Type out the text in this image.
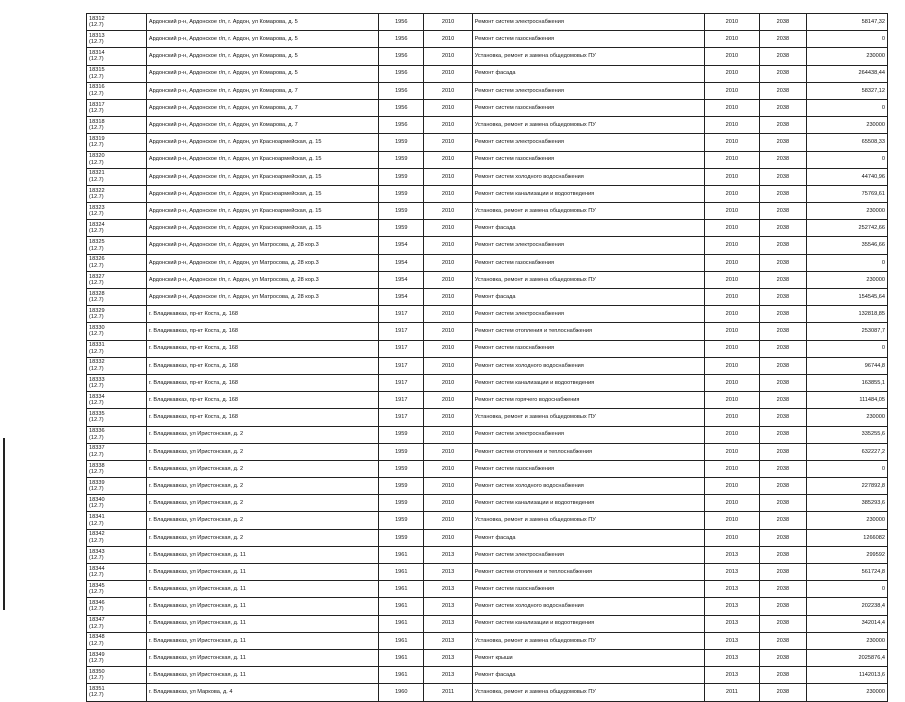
18312
(12.7)	Ардонский р-н, Ардонское г/п, г. Ардон, ул Комарова, д. 5	1956	2010	Ремонт систем электроснабжения	2010	2038	58147,32
18313
(12.7)	Ардонский р-н, Ардонское г/п, г. Ардон, ул Комарова, д. 5	1956	2010	Ремонт систем газоснабжения	2010	2038	0
18314
(12.7)	Ардонский р-н, Ардонское г/п, г. Ардон, ул Комарова, д. 5	1956	2010	Установка, ремонт и замена общедомовых ПУ	2010	2038	230000
18315
(12.7)	Ардонский р-н, Ардонское г/п, г. Ардон, ул Комарова, д. 5	1956	2010	Ремонт фасада	2010	2038	264438,44
18316
(12.7)	Ардонский р-н, Ардонское г/п, г. Ардон, ул Комарова, д. 7	1956	2010	Ремонт систем электроснабжения	2010	2038	58327,12
18317
(12.7)	Ардонский р-н, Ардонское г/п, г. Ардон, ул Комарова, д. 7	1956	2010	Ремонт систем газоснабжения	2010	2038	0
18318
(12.7)	Ардонский р-н, Ардонское г/п, г. Ардон, ул Комарова, д. 7	1956	2010	Установка, ремонт и замена общедомовых ПУ	2010	2038	230000
18319
(12.7)	Ардонский р-н, Ардонское г/п, г. Ардон, ул Красноармейская, д. 15	1959	2010	Ремонт систем электроснабжения	2010	2038	65508,33
18320
(12.7)	Ардонский р-н, Ардонское г/п, г. Ардон, ул Красноармейская, д. 15	1959	2010	Ремонт систем газоснабжения	2010	2038	0
18321
(12.7)	Ардонский р-н, Ардонское г/п, г. Ардон, ул Красноармейская, д. 15	1959	2010	Ремонт систем холодного водоснабжения	2010	2038	44740,96
18322
(12.7)	Ардонский р-н, Ардонское г/п, г. Ардон, ул Красноармейская, д. 15	1959	2010	Ремонт систем канализации и водоотведения	2010	2038	75769,61
18323
(12.7)	Ардонский р-н, Ардонское г/п, г. Ардон, ул Красноармейская, д. 15	1959	2010	Установка, ремонт и замена общедомовых ПУ	2010	2038	230000
18324
(12.7)	Ардонский р-н, Ардонское г/п, г. Ардон, ул Красноармейская, д. 15	1959	2010	Ремонт фасада	2010	2038	252742,66
18325
(12.7)	Ардонский р-н, Ардонское г/п, г. Ардон, ул Матросова, д. 28 кор.3	1954	2010	Ремонт систем электроснабжения	2010	2038	35546,66
18326
(12.7)	Ардонский р-н, Ардонское г/п, г. Ардон, ул Матросова, д. 28 кор.3	1954	2010	Ремонт систем газоснабжения	2010	2038	0
18327
(12.7)	Ардонский р-н, Ардонское г/п, г. Ардон, ул Матросова, д. 28 кор.3	1954	2010	Установка, ремонт и замена общедомовых ПУ	2010	2038	230000
18328
(12.7)	Ардонский р-н, Ардонское г/п, г. Ардон, ул Матросова, д. 28 кор.3	1954	2010	Ремонт фасада	2010	2038	154545,64
18329
(12.7)	г. Владикавказ, пр-кт Коста, д. 168	1917	2010	Ремонт систем электроснабжения	2010	2038	132818,85
18330
(12.7)	г. Владикавказ, пр-кт Коста, д. 168	1917	2010	Ремонт систем отопления и теплоснабжения	2010	2038	253087,7
18331
(12.7)	г. Владикавказ, пр-кт Коста, д. 168	1917	2010	Ремонт систем газоснабжения	2010	2038	0
18332
(12.7)	г. Владикавказ, пр-кт Коста, д. 168	1917	2010	Ремонт систем холодного водоснабжения	2010	2038	96744,8
18333
(12.7)	г. Владикавказ, пр-кт Коста, д. 168	1917	2010	Ремонт систем канализации и водоотведения	2010	2038	163855,1
18334
(12.7)	г. Владикавказ, пр-кт Коста, д. 168	1917	2010	Ремонт систем горячего водоснабжения	2010	2038	111484,05
18335
(12.7)	г. Владикавказ, пр-кт Коста, д. 168	1917	2010	Установка, ремонт и замена общедомовых ПУ	2010	2038	230000
18336
(12.7)	г. Владикавказ, ул Иристонская, д. 2	1959	2010	Ремонт систем электроснабжения	2010	2038	335255,6
18337
(12.7)	г. Владикавказ, ул Иристонская, д. 2	1959	2010	Ремонт систем отопления и теплоснабжения	2010	2038	632227,2
18338
(12.7)	г. Владикавказ, ул Иристонская, д. 2	1959	2010	Ремонт систем газоснабжения	2010	2038	0
18339
(12.7)	г. Владикавказ, ул Иристонская, д. 2	1959	2010	Ремонт систем холодного водоснабжения	2010	2038	227892,8
18340
(12.7)	г. Владикавказ, ул Иристонская, д. 2	1959	2010	Ремонт систем канализации и водоотведения	2010	2038	385293,6
18341
(12.7)	г. Владикавказ, ул Иристонская, д. 2	1959	2010	Установка, ремонт и замена общедомовых ПУ	2010	2038	230000
18342
(12.7)	г. Владикавказ, ул Иристонская, д. 2	1959	2010	Ремонт фасада	2010	2038	1266082
18343
(12.7)	г. Владикавказ, ул Иристонская, д. 11	1961	2013	Ремонт систем электроснабжения	2013	2038	299592
18344
(12.7)	г. Владикавказ, ул Иристонская, д. 11	1961	2013	Ремонт систем отопления и теплоснабжения	2013	2038	561724,8
18345
(12.7)	г. Владикавказ, ул Иристонская, д. 11	1961	2013	Ремонт систем газоснабжения	2013	2038	0
18346
(12.7)	г. Владикавказ, ул Иристонская, д. 11	1961	2013	Ремонт систем холодного водоснабжения	2013	2038	202238,4
18347
(12.7)	г. Владикавказ, ул Иристонская, д. 11	1961	2013	Ремонт систем канализации и водоотведения	2013	2038	342014,4
18348
(12.7)	г. Владикавказ, ул Иристонская, д. 11	1961	2013	Установка, ремонт и замена общедомовых ПУ	2013	2038	230000
18349
(12.7)	г. Владикавказ, ул Иристонская, д. 11	1961	2013	Ремонт крыши	2013	2038	2025876,4
18350
(12.7)	г. Владикавказ, ул Иристонская, д. 11	1961	2013	Ремонт фасада	2013	2038	1142013,6
18351
(12.7)	г. Владикавказ, ул Маркова, д. 4	1960	2011	Установка, ремонт и замена общедомовых ПУ	2011	2038	230000
